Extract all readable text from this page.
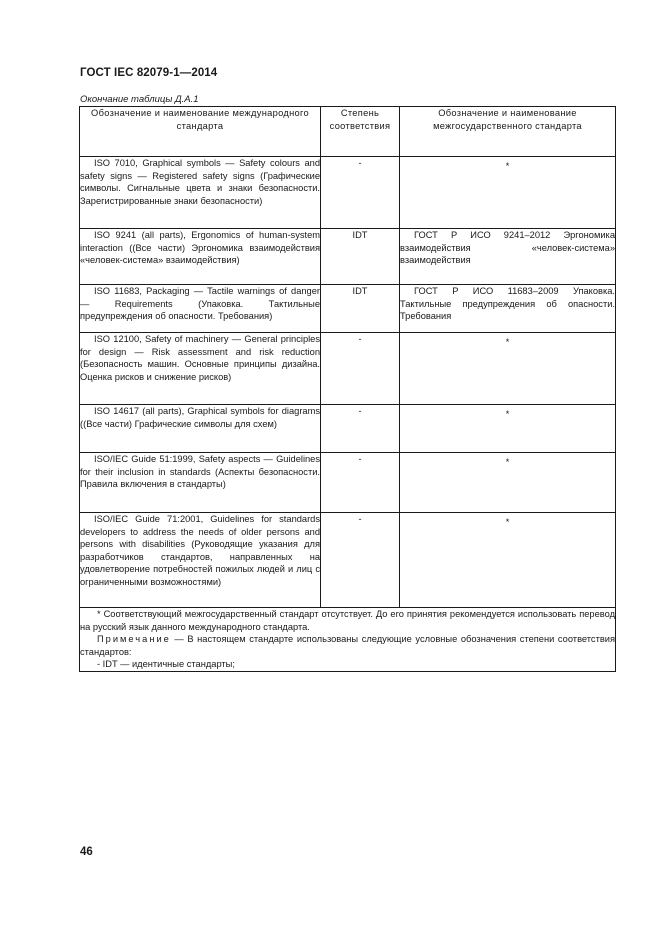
ГОСТ IEC 82079-1—2014
Окончание таблицы Д.А.1
Обозначение и наименование международного стандарта	Степень соответствия	Обозначение и наименование межгосударственного стандарта
ISO 7010, Graphical symbols — Safety colours and safety signs — Registered safety signs (Графические символы. Сигнальные цвета и знаки безопасности. Зарегистрированные знаки безопасности)	-	*
ISO 9241 (all parts), Ergonomics of human-system interaction ((Все части) Эргономика взаимодействия «человек-система» взаимодействия)	IDT	ГОСТ Р ИСО 9241–2012 Эргономика взаимодействия «человек-система» взаимодействия
ISO 11683, Packaging — Tactile warnings of danger — Requirements (Упаковка. Тактильные предупреждения об опасности. Требования)	IDT	ГОСТ Р ИСО 11683–2009 Упаковка. Тактильные предупреждения об опасности. Требования
ISO 12100, Safety of machinery — General principles for design — Risk assessment and risk reduction (Безопасность машин. Основные принципы дизайна. Оценка рисков и снижение рисков)	-	*
ISO 14617 (all parts), Graphical symbols for diagrams ((Все части) Графические символы для схем)	-	*
ISO/IEC Guide 51:1999, Safety aspects — Guidelines for their inclusion in standards (Аспекты безопасности. Правила включения в стандарты)	-	*
ISO/IEC Guide 71:2001, Guidelines for standards developers to address the needs of older persons and persons with disabilities (Руководящие указания для разработчиков стандартов, направленных на удовлетворение потребностей пожилых людей и лиц с ограниченными возможностями)	-	*

* Соответствующий межгосударственный стандарт отсутствует. До его принятия рекомендуется использовать перевод на русский язык данного международного стандарта.

Примечание — В настоящем стандарте использованы следующие условные обозначения степени соответствия стандартов:

- IDT — идентичные стандарты;		

46
